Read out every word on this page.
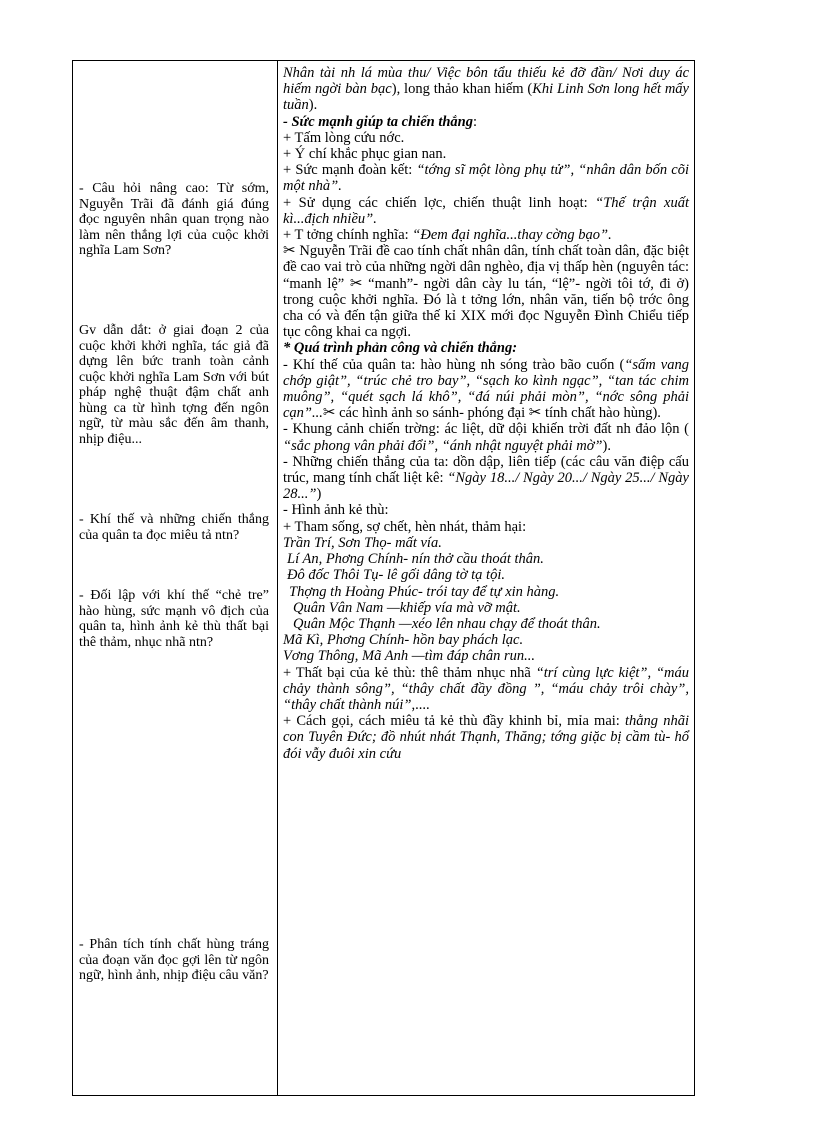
- Câu hỏi nâng cao: Từ sớm, Nguyễn Trãi đã đánh giá đúng đọc nguyên nhân quan trọng nào làm nên thắng lợi của cuộc khởi nghĩa Lam Sơn?
Gv dẫn dắt: ở giai đoạn 2 của cuộc khởi khởi nghĩa, tác giả đã dựng lên bức tranh toàn cảnh cuộc khởi nghĩa Lam Sơn với bút pháp nghệ thuật đậm chất anh hùng ca từ hình tợng đến ngôn ngữ, từ màu sắc đến âm thanh, nhịp điệu...
- Khí thế và những chiến thắng của quân ta đọc miêu tả ntn?
- Đối lập với khí thế “chẻ tre” hào hùng, sức mạnh vô địch của quân ta, hình ảnh kẻ thù thất bại thê thảm, nhục nhã ntn?
- Phân tích tính chất hùng tráng của đoạn văn đọc gợi lên từ ngôn ngữ, hình ảnh, nhịp điệu câu văn?

Nhân tài nh lá mùa thu/ Việc bôn tẩu thiếu kẻ đỡ đần/ Nơi duy ác hiếm ngời bàn bạc), long thảo khan hiếm (Khi Linh Sơn long hết mấy tuần).

- Sức mạnh giúp ta chiến thắng:

+ Tấm lòng cứu nớc.

+ Ý chí khắc phục gian nan.

+ Sức mạnh đoàn kết: “tớng sĩ một lòng phụ tử”, “nhân dân bốn cõi một nhà”.

+ Sử dụng các chiến lợc, chiến thuật linh hoạt: “Thế trận xuất kì...địch nhiều”.

+ T tởng chính nghĩa: “Đem đại nghĩa...thay cờng bạo”.

✂ Nguyễn Trãi đề cao tính chất nhân dân, tính chất toàn dân, đặc biệt đề cao vai trò của những ngời dân nghèo, địa vị thấp hèn (nguyên tác: “manh lệ” ✂ “manh”- ngời dân cày lu tán, “lệ”- ngời tôi tớ, đi ở) trong cuộc khởi nghĩa. Đó là t tởng lớn, nhân văn, tiến bộ trớc ông cha có và đến tận giữa thế kỉ XIX mới đọc Nguyễn Đình Chiểu tiếp tục công khai ca ngợi.

* Quá trình phản công và chiến thắng:

- Khí thế của quân ta: hào hùng nh sóng trào bão cuốn (“sấm vang chớp giật”, “trúc chẻ tro bay”, “sạch ko kình ngạc”, “tan tác chim muông”, “quét sạch lá khô”, “đá núi phải mòn”, “nớc sông phải cạn”...✂ các hình ảnh so sánh- phóng đại ✂ tính chất hào hùng).

- Khung cảnh chiến trờng: ác liệt, dữ dội khiến trời đất nh đảo lộn ( “sắc phong vân phải đổi”, “ánh nhật nguyệt phải mờ”).

- Những chiến thắng của ta: dồn dập, liên tiếp (các câu văn điệp cấu trúc, mang tính chất liệt kê: “Ngày 18.../ Ngày 20.../ Ngày 25.../ Ngày 28...”)

- Hình ảnh kẻ thù:

+ Tham sống, sợ chết, hèn nhát, thảm hại:

Trần Trí, Sơn Thọ- mất vía.

Lí An, Phơng Chính- nín thở cầu thoát thân.

Đô đốc Thôi Tụ- lê gối dâng tờ tạ tội.

Thợng th Hoàng Phúc- trói tay để tự xin hàng.

Quân Vân Nam —khiếp vía mà vỡ mật.

Quân Mộc Thạnh —xéo lên nhau chạy để thoát thân.

Mã Kì, Phơng Chính- hồn bay phách lạc.

Vơng Thông, Mã Anh —tìm đáp chân run...

+ Thất bại của kẻ thù: thê thảm nhục nhã “trí cùng lực kiệt”, “máu chảy thành sông”, “thây chất đầy đồng ”, “máu chảy trôi chày”, “thây chất thành núi”,....

+ Cách gọi, cách miêu tả kẻ thù đầy khinh bỉ, mỉa mai: thằng nhãi con Tuyên Đức; đồ nhút nhát Thạnh, Thăng; tớng giặc bị cầm tù- hổ đói vẫy đuôi xin cứu
